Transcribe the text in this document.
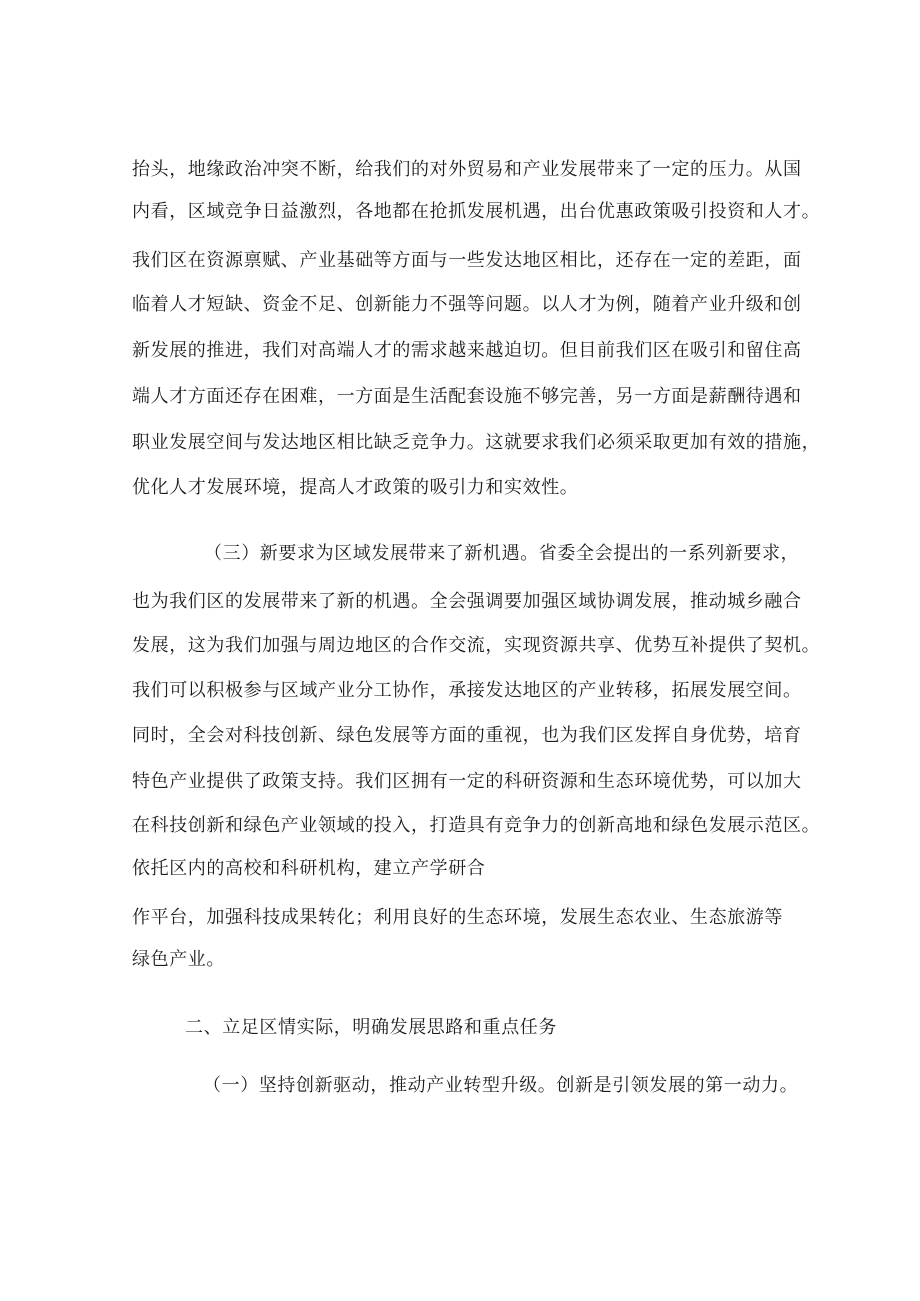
抬头，地缘政治冲突不断，给我们的对外贸易和产业发展带来了一定的压力。从国
内看，区域竞争日益激烈，各地都在抢抓发展机遇，出台优惠政策吸引投资和人才。
我们区在资源禀赋、产业基础等方面与一些发达地区相比，还存在一定的差距，面
临着人才短缺、资金不足、创新能力不强等问题。以人才为例，随着产业升级和创
新发展的推进，我们对高端人才的需求越来越迫切。但目前我们区在吸引和留住高
端人才方面还存在困难，一方面是生活配套设施不够完善，另一方面是薪酬待遇和
职业发展空间与发达地区相比缺乏竞争力。这就要求我们必须采取更加有效的措施，
优化人才发展环境，提高人才政策的吸引力和实效性。
（三）新要求为区域发展带来了新机遇。省委全会提出的一系列新要求，
也为我们区的发展带来了新的机遇。全会强调要加强区域协调发展，推动城乡融合
发展，这为我们加强与周边地区的合作交流，实现资源共享、优势互补提供了契机。
我们可以积极参与区域产业分工协作，承接发达地区的产业转移，拓展发展空间。
同时，全会对科技创新、绿色发展等方面的重视，也为我们区发挥自身优势，培育
特色产业提供了政策支持。我们区拥有一定的科研资源和生态环境优势，可以加大
在科技创新和绿色产业领域的投入，打造具有竞争力的创新高地和绿色发展示范区。
依托区内的高校和科研机构，建立产学研合
作平台，加强科技成果转化；利用良好的生态环境，发展生态农业、生态旅游等
绿色产业。
二、立足区情实际，明确发展思路和重点任务
（一）坚持创新驱动，推动产业转型升级。创新是引领发展的第一动力。
